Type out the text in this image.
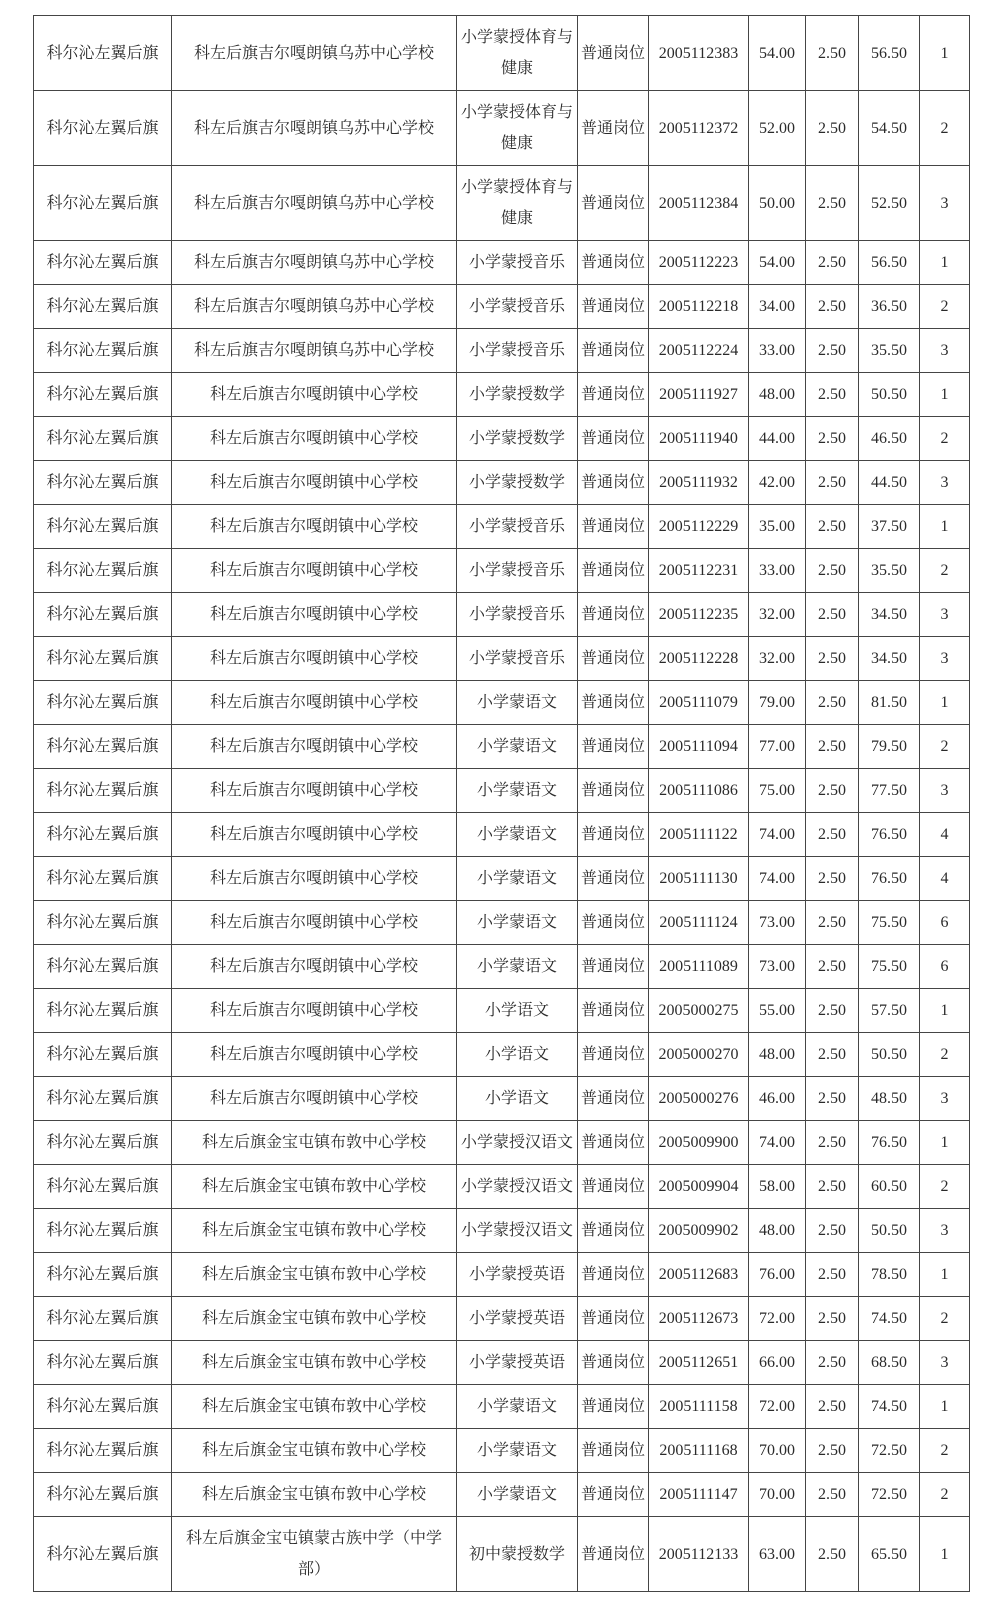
科尔沁左翼后旗	科左后旗吉尔嘎朗镇乌苏中心学校	小学蒙授体育与健康	普通岗位	2005112383	54.00	2.50	56.50	1
科尔沁左翼后旗	科左后旗吉尔嘎朗镇乌苏中心学校	小学蒙授体育与健康	普通岗位	2005112372	52.00	2.50	54.50	2
科尔沁左翼后旗	科左后旗吉尔嘎朗镇乌苏中心学校	小学蒙授体育与健康	普通岗位	2005112384	50.00	2.50	52.50	3
科尔沁左翼后旗	科左后旗吉尔嘎朗镇乌苏中心学校	小学蒙授音乐	普通岗位	2005112223	54.00	2.50	56.50	1
科尔沁左翼后旗	科左后旗吉尔嘎朗镇乌苏中心学校	小学蒙授音乐	普通岗位	2005112218	34.00	2.50	36.50	2
科尔沁左翼后旗	科左后旗吉尔嘎朗镇乌苏中心学校	小学蒙授音乐	普通岗位	2005112224	33.00	2.50	35.50	3
科尔沁左翼后旗	科左后旗吉尔嘎朗镇中心学校	小学蒙授数学	普通岗位	2005111927	48.00	2.50	50.50	1
科尔沁左翼后旗	科左后旗吉尔嘎朗镇中心学校	小学蒙授数学	普通岗位	2005111940	44.00	2.50	46.50	2
科尔沁左翼后旗	科左后旗吉尔嘎朗镇中心学校	小学蒙授数学	普通岗位	2005111932	42.00	2.50	44.50	3
科尔沁左翼后旗	科左后旗吉尔嘎朗镇中心学校	小学蒙授音乐	普通岗位	2005112229	35.00	2.50	37.50	1
科尔沁左翼后旗	科左后旗吉尔嘎朗镇中心学校	小学蒙授音乐	普通岗位	2005112231	33.00	2.50	35.50	2
科尔沁左翼后旗	科左后旗吉尔嘎朗镇中心学校	小学蒙授音乐	普通岗位	2005112235	32.00	2.50	34.50	3
科尔沁左翼后旗	科左后旗吉尔嘎朗镇中心学校	小学蒙授音乐	普通岗位	2005112228	32.00	2.50	34.50	3
科尔沁左翼后旗	科左后旗吉尔嘎朗镇中心学校	小学蒙语文	普通岗位	2005111079	79.00	2.50	81.50	1
科尔沁左翼后旗	科左后旗吉尔嘎朗镇中心学校	小学蒙语文	普通岗位	2005111094	77.00	2.50	79.50	2
科尔沁左翼后旗	科左后旗吉尔嘎朗镇中心学校	小学蒙语文	普通岗位	2005111086	75.00	2.50	77.50	3
科尔沁左翼后旗	科左后旗吉尔嘎朗镇中心学校	小学蒙语文	普通岗位	2005111122	74.00	2.50	76.50	4
科尔沁左翼后旗	科左后旗吉尔嘎朗镇中心学校	小学蒙语文	普通岗位	2005111130	74.00	2.50	76.50	4
科尔沁左翼后旗	科左后旗吉尔嘎朗镇中心学校	小学蒙语文	普通岗位	2005111124	73.00	2.50	75.50	6
科尔沁左翼后旗	科左后旗吉尔嘎朗镇中心学校	小学蒙语文	普通岗位	2005111089	73.00	2.50	75.50	6
科尔沁左翼后旗	科左后旗吉尔嘎朗镇中心学校	小学语文	普通岗位	2005000275	55.00	2.50	57.50	1
科尔沁左翼后旗	科左后旗吉尔嘎朗镇中心学校	小学语文	普通岗位	2005000270	48.00	2.50	50.50	2
科尔沁左翼后旗	科左后旗吉尔嘎朗镇中心学校	小学语文	普通岗位	2005000276	46.00	2.50	48.50	3
科尔沁左翼后旗	科左后旗金宝屯镇布敦中心学校	小学蒙授汉语文	普通岗位	2005009900	74.00	2.50	76.50	1
科尔沁左翼后旗	科左后旗金宝屯镇布敦中心学校	小学蒙授汉语文	普通岗位	2005009904	58.00	2.50	60.50	2
科尔沁左翼后旗	科左后旗金宝屯镇布敦中心学校	小学蒙授汉语文	普通岗位	2005009902	48.00	2.50	50.50	3
科尔沁左翼后旗	科左后旗金宝屯镇布敦中心学校	小学蒙授英语	普通岗位	2005112683	76.00	2.50	78.50	1
科尔沁左翼后旗	科左后旗金宝屯镇布敦中心学校	小学蒙授英语	普通岗位	2005112673	72.00	2.50	74.50	2
科尔沁左翼后旗	科左后旗金宝屯镇布敦中心学校	小学蒙授英语	普通岗位	2005112651	66.00	2.50	68.50	3
科尔沁左翼后旗	科左后旗金宝屯镇布敦中心学校	小学蒙语文	普通岗位	2005111158	72.00	2.50	74.50	1
科尔沁左翼后旗	科左后旗金宝屯镇布敦中心学校	小学蒙语文	普通岗位	2005111168	70.00	2.50	72.50	2
科尔沁左翼后旗	科左后旗金宝屯镇布敦中心学校	小学蒙语文	普通岗位	2005111147	70.00	2.50	72.50	2
科尔沁左翼后旗	科左后旗金宝屯镇蒙古族中学（中学部）	初中蒙授数学	普通岗位	2005112133	63.00	2.50	65.50	1
